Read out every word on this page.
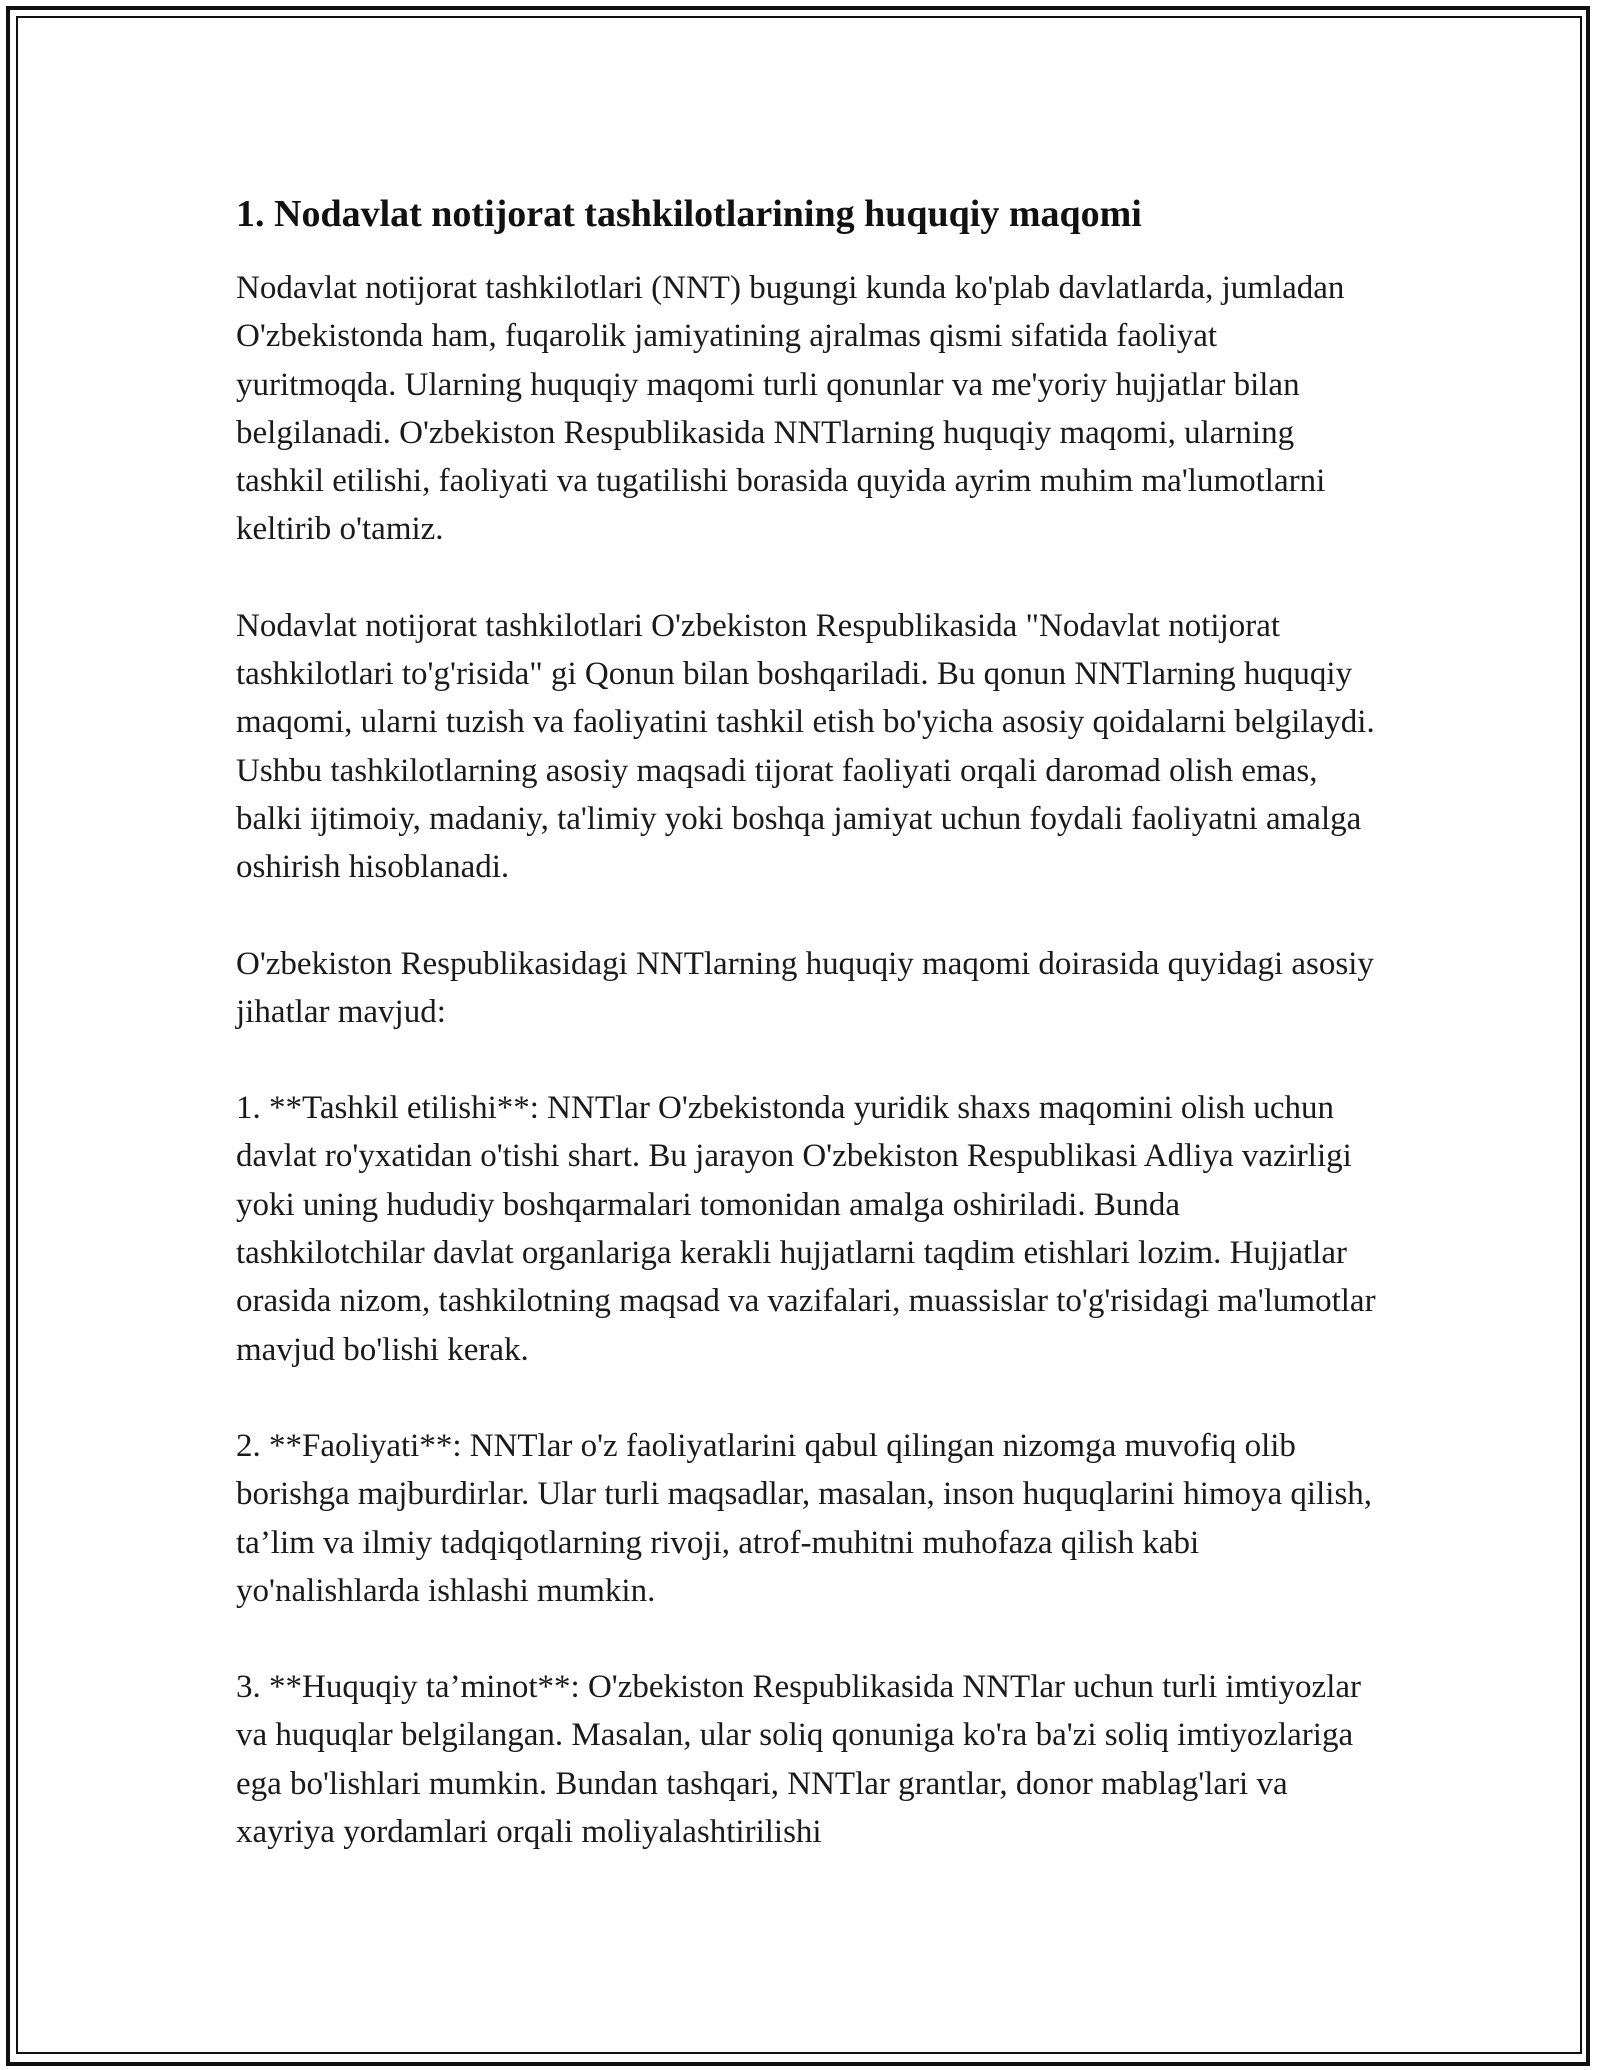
1. Nodavlat notijorat tashkilotlarining huquqiy maqomi

Nodavlat notijorat tashkilotlari (NNT) bugungi kunda ko'plab davlatlarda, jumladan O'zbekistonda ham, fuqarolik jamiyatining ajralmas qismi sifatida faoliyat yuritmoqda. Ularning huquqiy maqomi turli qonunlar va me'yoriy hujjatlar bilan belgilanadi. O'zbekiston Respublikasida NNTlarning huquqiy maqomi, ularning tashkil etilishi, faoliyati va tugatilishi borasida quyida ayrim muhim ma'lumotlarni keltirib o'tamiz.

Nodavlat notijorat tashkilotlari O'zbekiston Respublikasida "Nodavlat notijorat tashkilotlari to'g'risida" gi Qonun bilan boshqariladi. Bu qonun NNTlarning huquqiy maqomi, ularni tuzish va faoliyatini tashkil etish bo'yicha asosiy qoidalarni belgilaydi. Ushbu tashkilotlarning asosiy maqsadi tijorat faoliyati orqali daromad olish emas, balki ijtimoiy, madaniy, ta'limiy yoki boshqa jamiyat uchun foydali faoliyatni amalga oshirish hisoblanadi.

O'zbekiston Respublikasidagi NNTlarning huquqiy maqomi doirasida quyidagi asosiy jihatlar mavjud:

1. **Tashkil etilishi**: NNTlar O'zbekistonda yuridik shaxs maqomini olish uchun davlat ro'yxatidan o'tishi shart. Bu jarayon O'zbekiston Respublikasi Adliya vazirligi yoki uning hududiy boshqarmalari tomonidan amalga oshiriladi. Bunda tashkilotchilar davlat organlariga kerakli hujjatlarni taqdim etishlari lozim. Hujjatlar orasida nizom, tashkilotning maqsad va vazifalari, muassislar to'g'risidagi ma'lumotlar mavjud bo'lishi kerak.

2. **Faoliyati**: NNTlar o'z faoliyatlarini qabul qilingan nizomga muvofiq olib borishga majburdirlar. Ular turli maqsadlar, masalan, inson huquqlarini himoya qilish, ta’lim va ilmiy tadqiqotlarning rivoji, atrof-muhitni muhofaza qilish kabi yo'nalishlarda ishlashi mumkin.

3. **Huquqiy ta’minot**: O'zbekiston Respublikasida NNTlar uchun turli imtiyozlar va huquqlar belgilangan. Masalan, ular soliq qonuniga ko'ra ba'zi soliq imtiyozlariga ega bo'lishlari mumkin. Bundan tashqari, NNTlar grantlar, donor mablag'lari va xayriya yordamlari orqali moliyalashtirilishi
